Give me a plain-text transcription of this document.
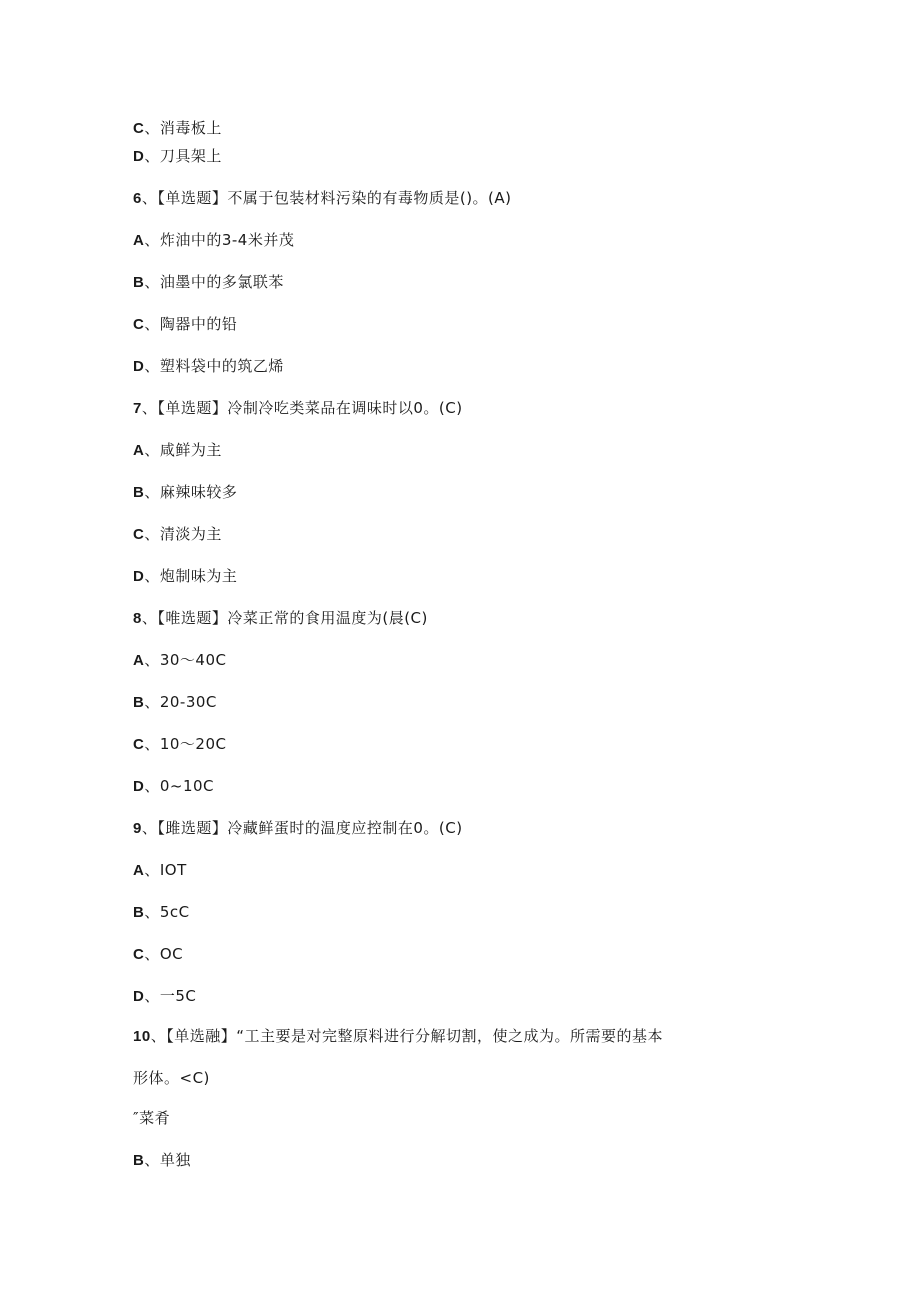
C、消毒板上
D、刀具架上
6、【单选题】不属于包装材料污染的有毒物质是()。(A)
A、炸油中的3-4米并茂
B、油墨中的多氯联苯
C、陶器中的铅
D、塑料袋中的筑乙烯
7、【单选题】冷制冷吃类菜品在调味时以0。(C)
A、咸鲜为主
B、麻辣味较多
C、清淡为主
D、炮制味为主
8、【唯选题】冷菜正常的食用温度为(晨(C)
A、30〜40C
B、20-30C
C、10〜20C
D、0~10C
9、【雎选题】冷藏鲜蛋时的温度应控制在0。(C)
A、IOT
B、5cC
C、OC
D、一5C
10、【单选融】“工主要是对完整原料进行分解切割，使之成为。所需要的基本
形体。<C)
″菜肴
B、单独
